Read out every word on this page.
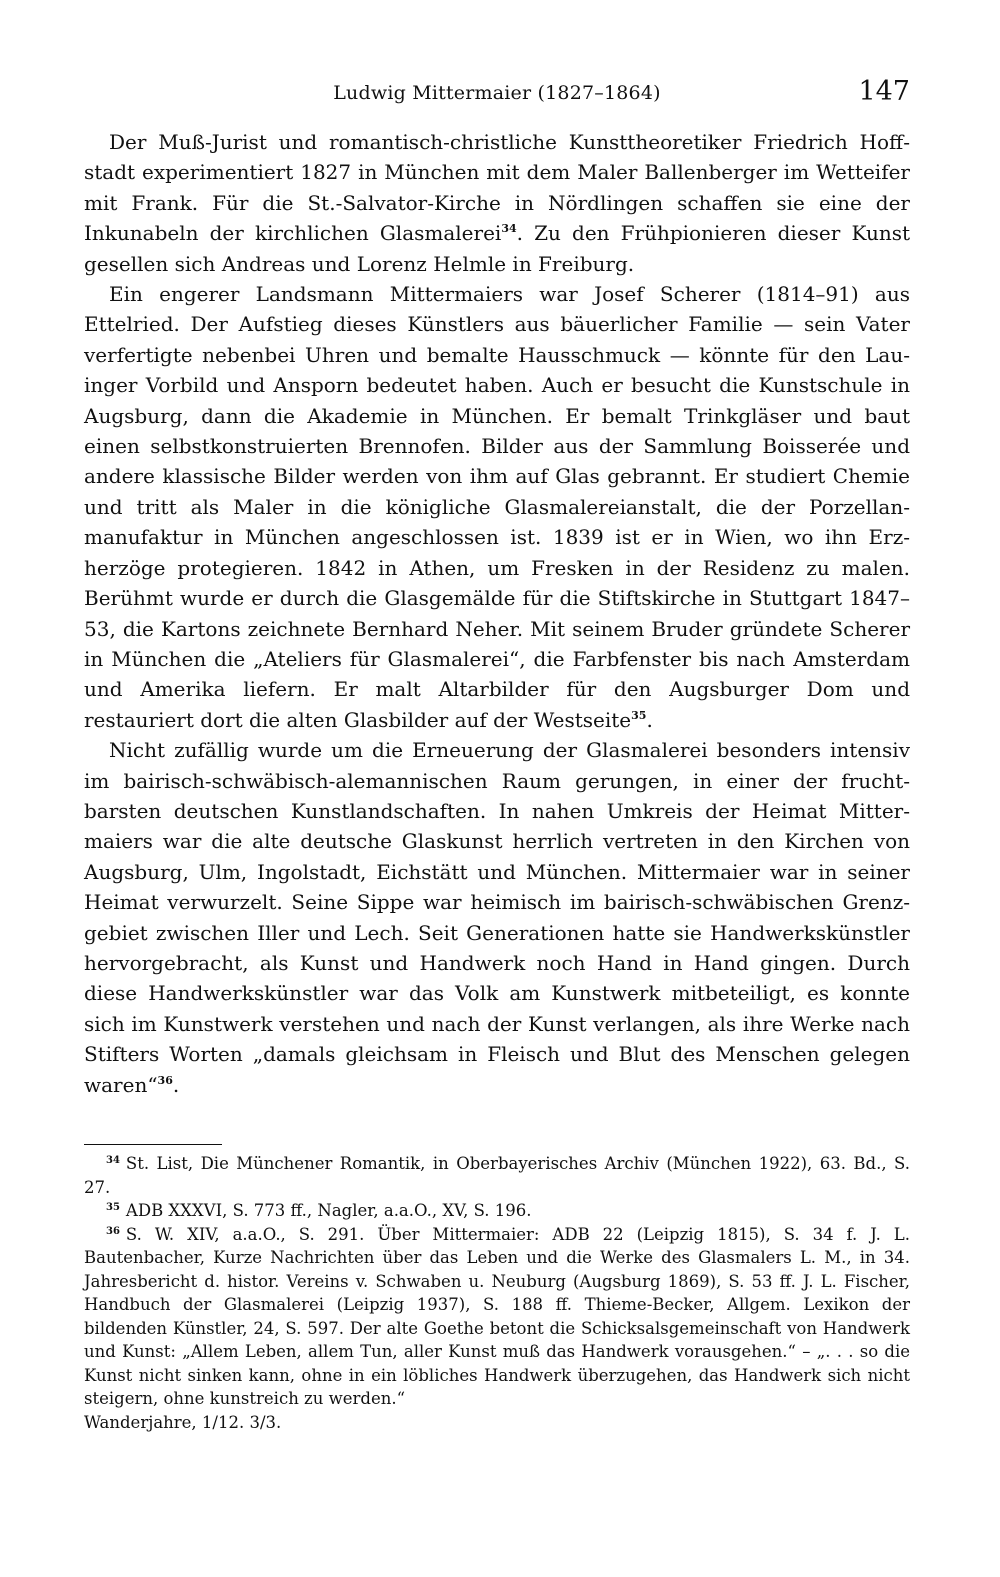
Ludwig Mittermaier (1827–1864)	147

Der Muß-Jurist und romantisch-christliche Kunsttheoretiker Friedrich Hoffstadt experimentiert 1827 in München mit dem Maler Ballenberger im Wetteifer mit Frank. Für die St.-Salvator-Kirche in Nördlingen schaffen sie eine der Inkunabeln der kirchlichen Glasmalerei$^{34}$. Zu den Frühpionieren dieser Kunst gesellen sich Andreas und Lorenz Helmle in Freiburg.

Ein engerer Landsmann Mittermaiers war Josef Scherer (1814–91) aus Ettelried. Der Aufstieg dieses Künstlers aus bäuerlicher Familie — sein Vater verfertigte nebenbei Uhren und bemalte Hausschmuck — könnte für den Lauinger Vorbild und Ansporn bedeutet haben. Auch er besucht die Kunstschule in Augsburg, dann die Akademie in München. Er bemalt Trinkgläser und baut einen selbstkonstruierten Brennofen. Bilder aus der Sammlung Boisserée und andere klassische Bilder werden von ihm auf Glas gebrannt. Er studiert Chemie und tritt als Maler in die königliche Glasmalereianstalt, die der Porzellanmanufaktur in München angeschlossen ist. 1839 ist er in Wien, wo ihn Erzherzöge protegieren. 1842 in Athen, um Fresken in der Residenz zu malen. Berühmt wurde er durch die Glasgemälde für die Stiftskirche in Stuttgart 1847–53, die Kartons zeichnete Bernhard Neher. Mit seinem Bruder gründete Scherer in München die „Ateliers für Glasmalerei“, die Farbfenster bis nach Amsterdam und Amerika liefern. Er malt Altarbilder für den Augsburger Dom und restauriert dort die alten Glasbilder auf der Westseite$^{35}$.

Nicht zufällig wurde um die Erneuerung der Glasmalerei besonders intensiv im bairisch-schwäbisch-alemannischen Raum gerungen, in einer der fruchtbarsten deutschen Kunstlandschaften. In nahen Umkreis der Heimat Mittermaiers war die alte deutsche Glaskunst herrlich vertreten in den Kirchen von Augsburg, Ulm, Ingolstadt, Eichstätt und München. Mittermaier war in seiner Heimat verwurzelt. Seine Sippe war heimisch im bairisch-schwäbischen Grenzgebiet zwischen Iller und Lech. Seit Generationen hatte sie Handwerkskünstler hervorgebracht, als Kunst und Handwerk noch Hand in Hand gingen. Durch diese Handwerkskünstler war das Volk am Kunstwerk mitbeteiligt, es konnte sich im Kunstwerk verstehen und nach der Kunst verlangen, als ihre Werke nach Stifters Worten „damals gleichsam in Fleisch und Blut des Menschen gelegen waren“$^{36}$.

$^{34}$ St. List, Die Münchener Romantik, in Oberbayerisches Archiv (München 1922), 63. Bd., S. 27.

$^{35}$ ADB XXXVI, S. 773 ff., Nagler, a.a.O., XV, S. 196.

$^{36}$ S. W. XIV, a.a.O., S. 291. Über Mittermaier: ADB 22 (Leipzig 1815), S. 34 f. J. L. Bautenbacher, Kurze Nachrichten über das Leben und die Werke des Glasmalers L. M., in 34. Jahresbericht d. histor. Vereins v. Schwaben u. Neuburg (Augsburg 1869), S. 53 ff. J. L. Fischer, Handbuch der Glasmalerei (Leipzig 1937), S. 188 ff. Thieme-Becker, Allgem. Lexikon der bildenden Künstler, 24, S. 597. Der alte Goethe betont die Schicksalsgemeinschaft von Handwerk und Kunst: „Allem Leben, allem Tun, aller Kunst muß das Handwerk vorausgehen.“ – „. . . so die Kunst nicht sinken kann, ohne in ein löbliches Handwerk überzugehen, das Handwerk sich nicht steigern, ohne kunstreich zu werden.“

Wanderjahre, 1/12. 3/3.
